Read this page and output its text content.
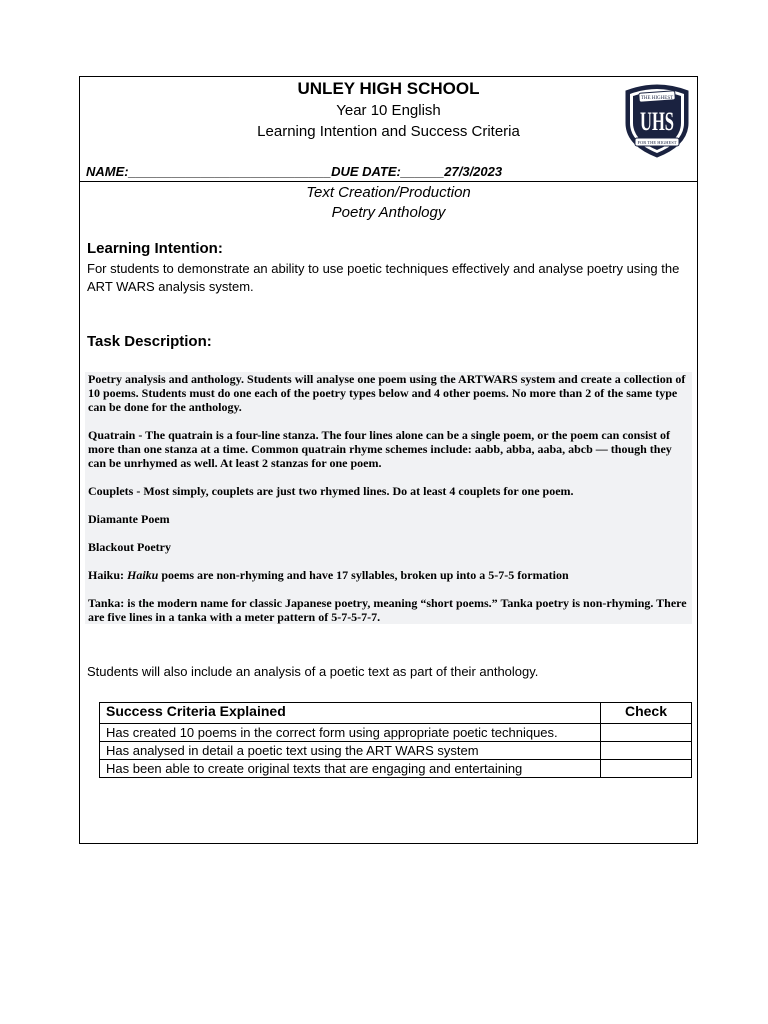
UNLEY HIGH SCHOOL
Year 10 English
Learning Intention and Success Criteria
THE HIGHEST
UHS
FOR THE HIGHEST
NAME:____________________________DUE DATE:______27/3/2023
Text Creation/Production
Poetry Anthology
Learning Intention:
For students to demonstrate an ability to use poetic techniques effectively and analyse poetry using the ART WARS analysis system.
Task Description:

Poetry analysis and anthology. Students will analyse one poem using the ARTWARS system and create a collection of 10 poems. Students must do one each of the poetry types below and 4 other poems. No more than 2 of the same type can be done for the anthology.

Quatrain - The quatrain is a four-line stanza. The four lines alone can be a single poem, or the poem can consist of more than one stanza at a time. Common quatrain rhyme schemes include: aabb, abba, aaba, abcb — though they can be unrhymed as well. At least 2 stanzas for one poem.

Couplets - Most simply, couplets are just two rhymed lines. Do at least 4 couplets for one poem.

Diamante Poem

Blackout Poetry

Haiku: Haiku poems are non-rhyming and have 17 syllables, broken up into a 5-7-5 formation

Tanka: is the modern name for classic Japanese poetry, meaning “short poems.” Tanka poetry is non-rhyming. There are five lines in a tanka with a meter pattern of 5-7-5-7-7.

Students will also include an analysis of a poetic text as part of their anthology.
Success Criteria Explained	Check
Has created 10 poems in the correct form using appropriate poetic techniques.	
Has analysed in detail a poetic text using the ART WARS system	
Has been able to create original texts that are engaging and entertaining	
